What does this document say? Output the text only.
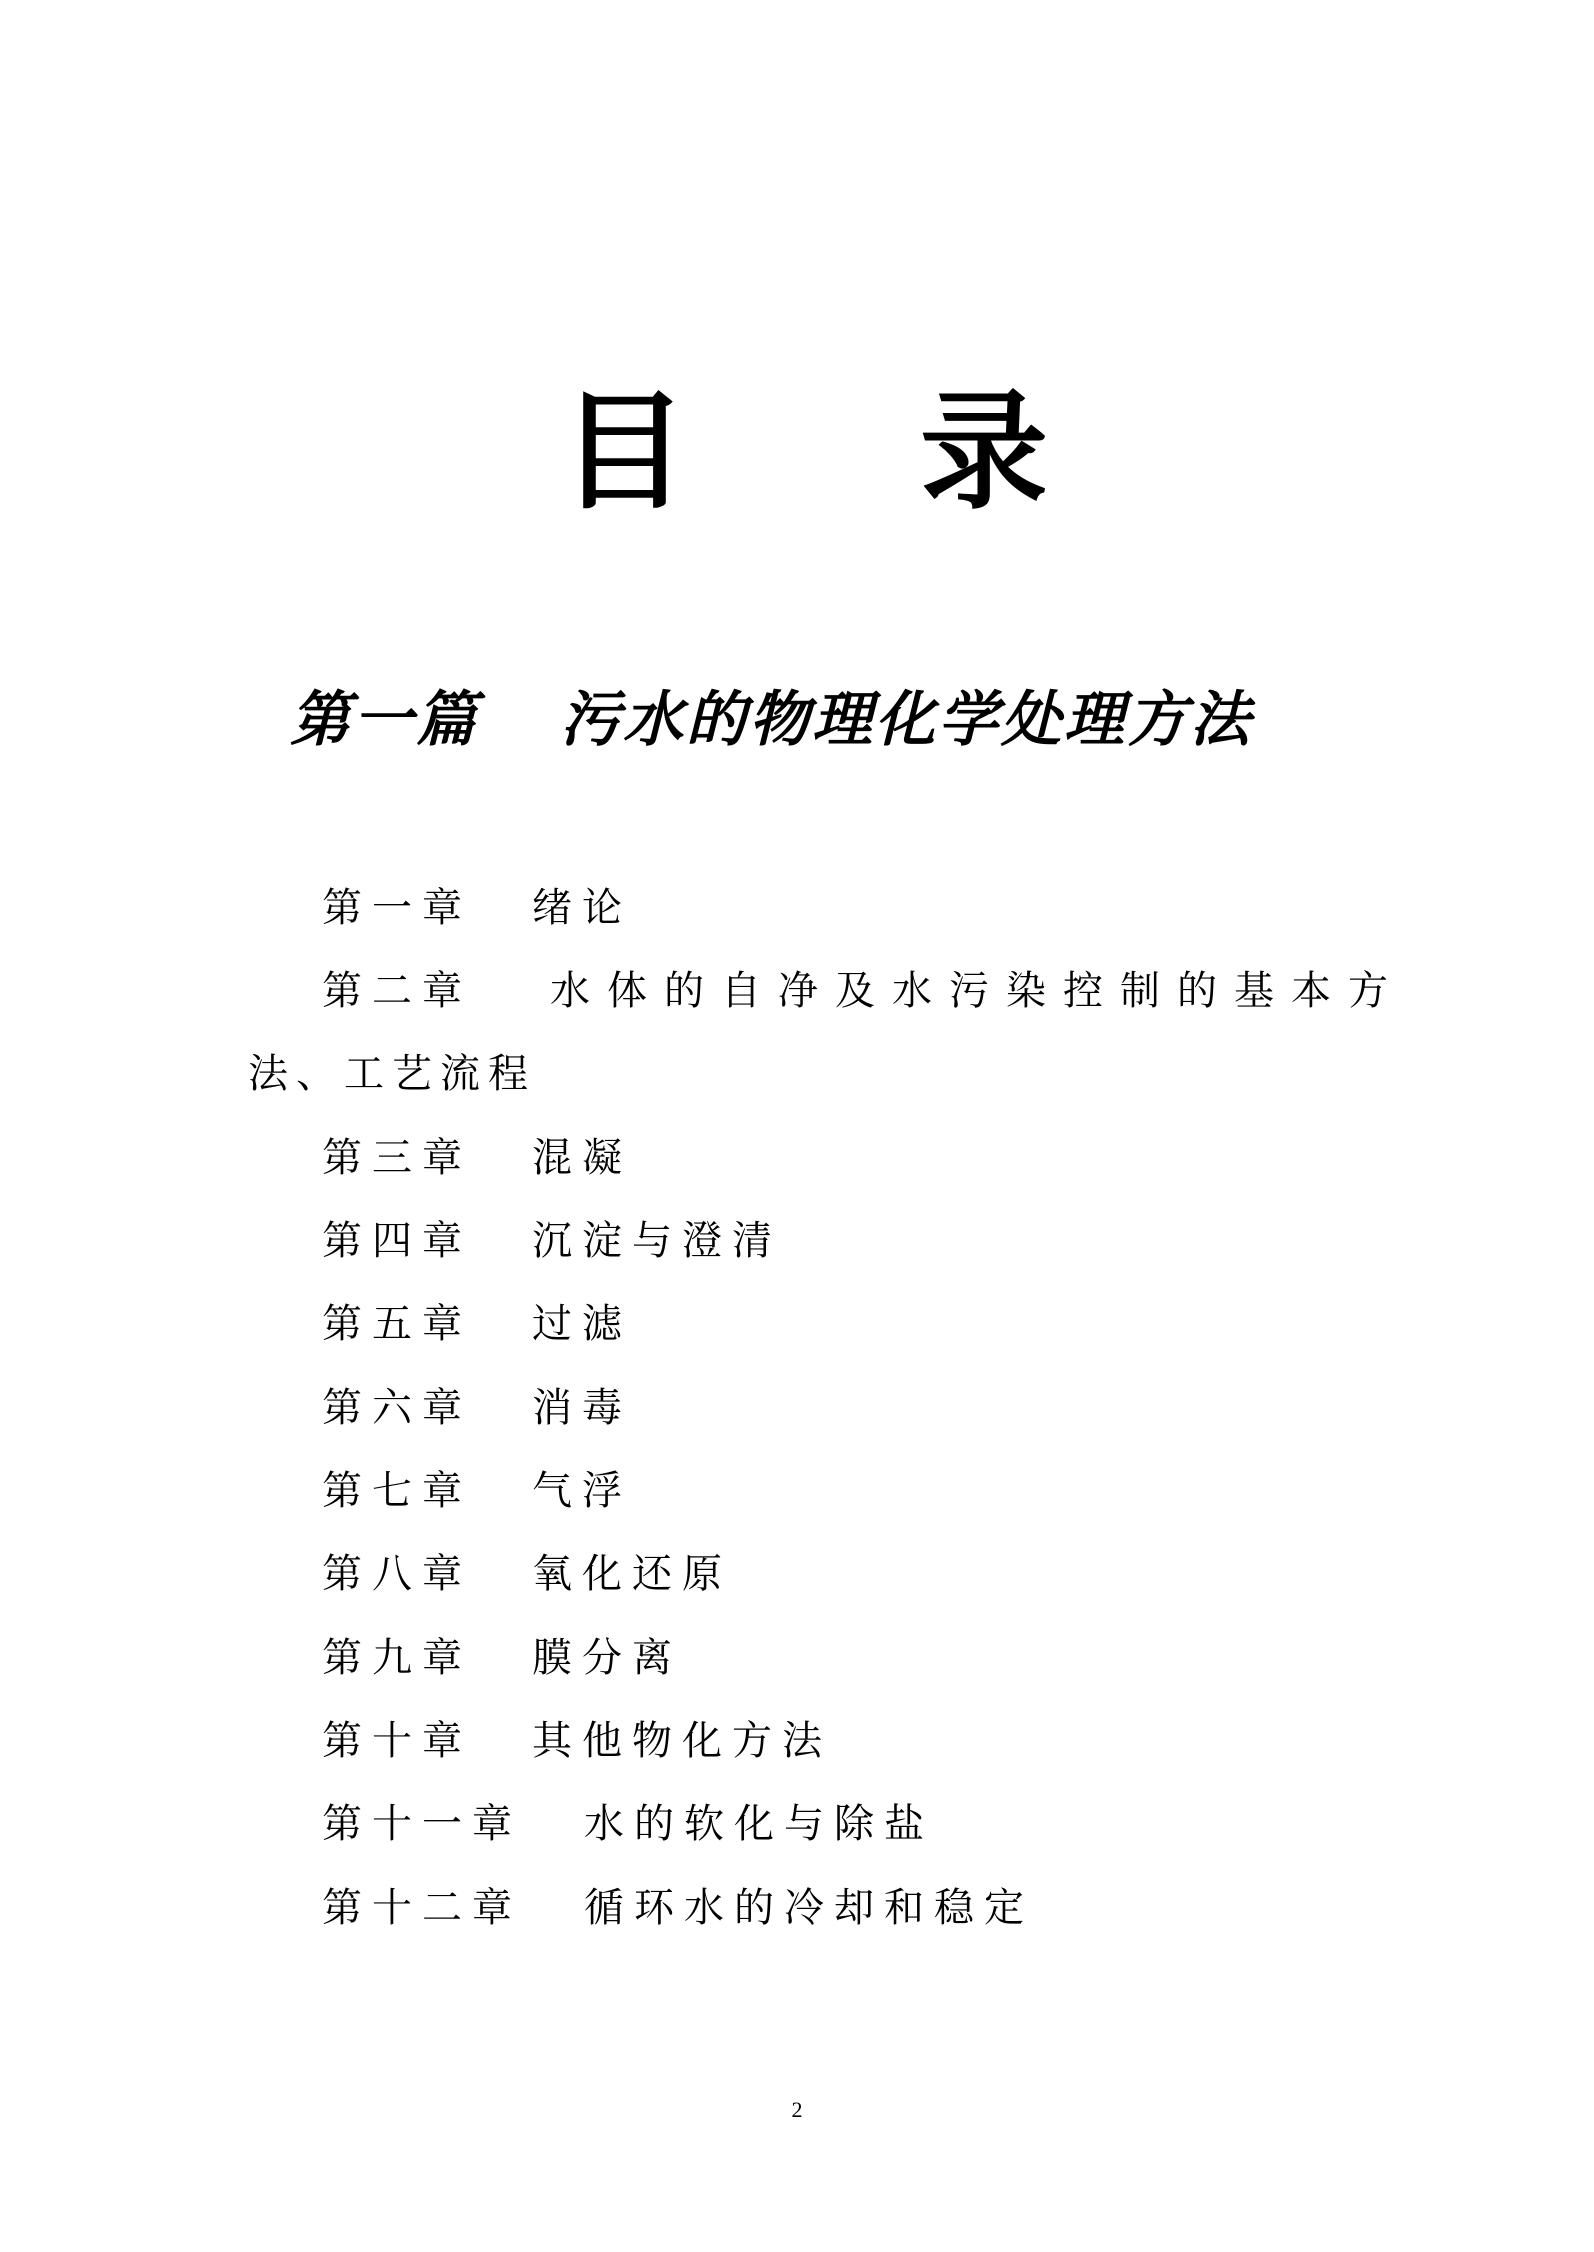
目 录
第一篇 污水的物理化学处理方法
第一章 绪论
第二章 水体的自净及水污染控制的基本方
法、工艺流程
第三章 混凝
第四章 沉淀与澄清
第五章 过滤
第六章 消毒
第七章 气浮
第八章 氧化还原
第九章 膜分离
第十章 其他物化方法
第十一章 水的软化与除盐
第十二章 循环水的冷却和稳定
2
